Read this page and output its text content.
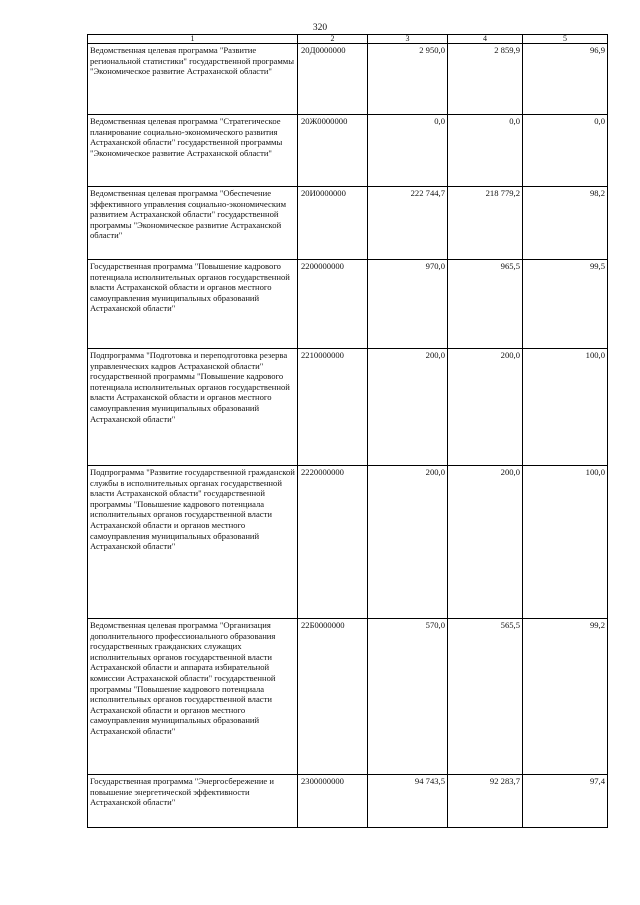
320
1	2	3	4	5
Ведомственная целевая программа "Развитие региональной статистики" государственной программы "Экономическое развитие Астраханской области"	20Д0000000	2 950,0	2 859,9	96,9
Ведомственная целевая программа "Стратегическое планирование социально-экономического развития Астраханской области" государственной программы "Экономическое развитие Астраханской области"	20Ж0000000	0,0	0,0	0,0
Ведомственная целевая программа "Обеспечение эффективного управления социально-экономическим развитием Астраханской области" государственной программы "Экономическое развитие Астраханской области"	20И0000000	222 744,7	218 779,2	98,2
Государственная программа "Повышение кадрового потенциала исполнительных органов государственной власти Астраханской области и органов местного самоуправления муниципальных образований Астраханской области"	2200000000	970,0	965,5	99,5
Подпрограмма "Подготовка и переподготовка резерва управленческих кадров Астраханской области" государственной программы "Повышение кадрового потенциала исполнительных органов государственной власти Астраханской области и органов местного самоуправления муниципальных образований Астраханской области"	2210000000	200,0	200,0	100,0
Подпрограмма "Развитие государственной гражданской службы в исполнительных органах государственной власти Астраханской области" государственной программы "Повышение кадрового потенциала исполнительных органов государственной власти Астраханской области и органов местного самоуправления муниципальных образований Астраханской области"	2220000000	200,0	200,0	100,0
Ведомственная целевая программа "Организация дополнительного профессионального образования государственных гражданских служащих исполнительных органов государственной власти Астраханской области и аппарата избирательной комиссии Астраханской области" государственной программы "Повышение кадрового потенциала исполнительных органов государственной власти Астраханской области и органов местного самоуправления муниципальных образований Астраханской области"	22Б0000000	570,0	565,5	99,2
Государственная программа "Энергосбережение и повышение энергетической эффективности Астраханской области"	2300000000	94 743,5	92 283,7	97,4
